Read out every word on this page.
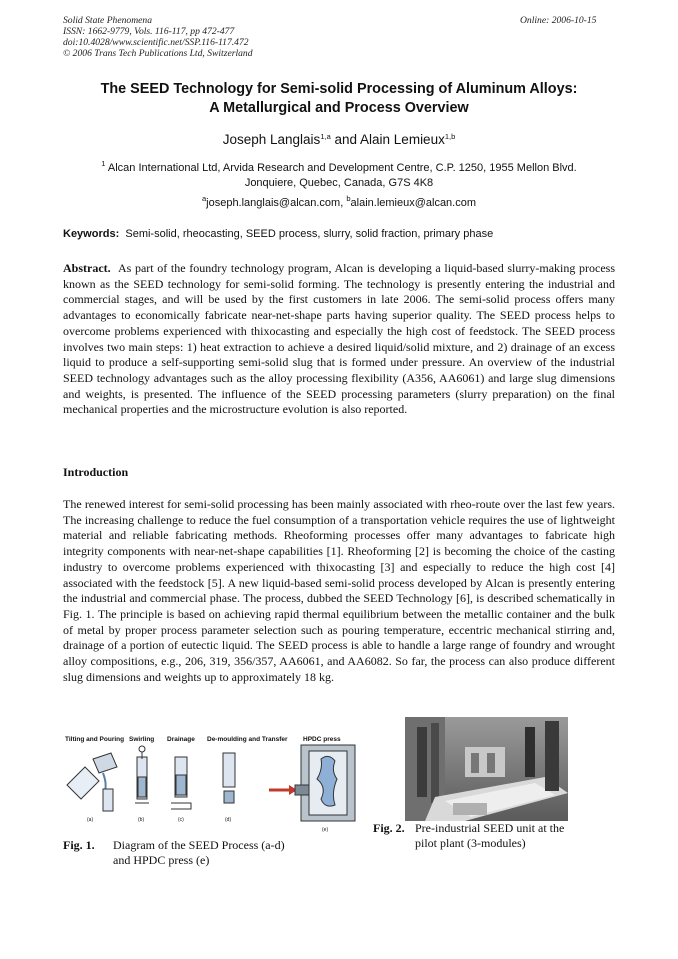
Solid State Phenomena
ISSN: 1662-9779, Vols. 116-117, pp 472-477
doi:10.4028/www.scientific.net/SSP.116-117.472
© 2006 Trans Tech Publications Ltd, Switzerland
Online: 2006-10-15
The SEED Technology for Semi-solid Processing of Aluminum Alloys:
A Metallurgical and Process Overview
Joseph Langlais$^{1,a}$ and Alain Lemieux$^{1,b}$
$^1$ Alcan International Ltd, Arvida Research and Development Centre, C.P. 1250, 1955 Mellon Blvd.
Jonquiere, Quebec, Canada, G7S 4K8
$^a$joseph.langlais@alcan.com, $^b$alain.lemieux@alcan.com
Keywords: Semi-solid, rheocasting, SEED process, slurry, solid fraction, primary phase
Abstract. As part of the foundry technology program, Alcan is developing a liquid-based slurry-making process known as the SEED technology for semi-solid forming. The technology is presently entering the industrial and commercial stages, and will be used by the first customers in late 2006. The semi-solid process offers many advantages to economically fabricate near-net-shape parts having superior quality. The SEED process helps to overcome problems experienced with thixocasting and especially the high cost of feedstock. The SEED process involves two main steps: 1) heat extraction to achieve a desired liquid/solid mixture, and 2) drainage of an excess liquid to produce a self-supporting semi-solid slug that is formed under pressure. An overview of the industrial SEED technology advantages such as the alloy processing flexibility (A356, AA6061) and large slug dimensions and weights, is presented. The influence of the SEED processing parameters (slurry preparation) on the final mechanical properties and the microstructure evolution is also reported.
Introduction
The renewed interest for semi-solid processing has been mainly associated with rheo-route over the last few years. The increasing challenge to reduce the fuel consumption of a transportation vehicle requires the use of lightweight material and reliable fabricating methods. Rheoforming processes offer many advantages to fabricate high integrity components with near-net-shape capabilities [1]. Rheoforming [2] is becoming the choice of the casting industry to overcome problems experienced with thixocasting [3] and especially to reduce the high cost [4] associated with the feedstock [5]. A new liquid-based semi-solid process developed by Alcan is presently entering the industrial and commercial phase. The process, dubbed the SEED Technology [6], is described schematically in Fig. 1. The principle is based on achieving rapid thermal equilibrium between the metallic container and the bulk of metal by proper process parameter selection such as pouring temperature, eccentric mechanical stirring and, drainage of a portion of eutectic liquid. The SEED process is able to handle a large range of foundry and wrought alloy compositions, e.g., 206, 319, 356/357, AA6061, and AA6082. So far, the process can also produce different slug dimensions and weights up to approximately 18 kg.
Tilting and Pouring Swirling Drainage De-moulding and Transfer HPDC press
(a)	(b)	(c)	(d)
(e)
Fig. 1. Diagram of the SEED Process (a-d)
and HPDC press (e)
Fig. 2. Pre-industrial SEED unit at the
pilot plant (3-modules)
